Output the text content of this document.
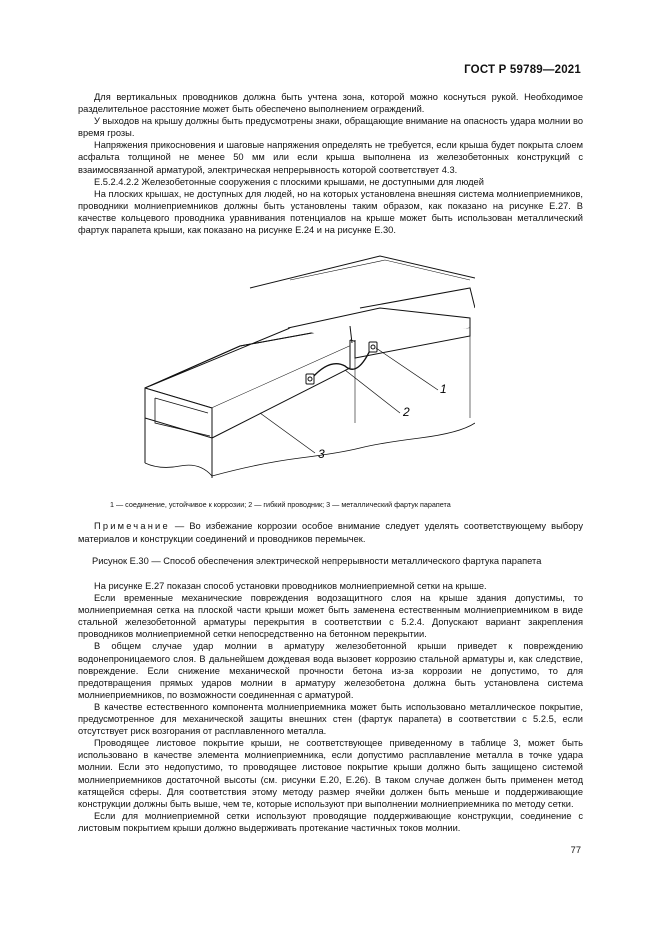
ГОСТ Р 59789—2021

Для вертикальных проводников должна быть учтена зона, которой можно коснуться рукой. Необходимое разделительное расстояние может быть обеспечено выполнением ограждений.

У выходов на крышу должны быть предусмотрены знаки, обращающие внимание на опасность удара молнии во время грозы.

Напряжения прикосновения и шаговые напряжения определять не требуется, если крыша будет покрыта слоем асфальта толщиной не менее 50 мм или если крыша выполнена из железобетонных конструкций с взаимосвязанной арматурой, электрическая непрерывность которой соответствует 4.3.

E.5.2.4.2.2 Железобетонные сооружения с плоскими крышами, не доступными для людей

На плоских крышах, не доступных для людей, но на которых установлена внешняя система молниеприемников, проводники молниеприемников должны быть установлены таким образом, как показано на рисунке Е.27. В качестве кольцевого проводника уравнивания потенциалов на крыше может быть использован металлический фартук парапета крыши, как показано на рисунке Е.24 и на рисунке Е.30.

1
2
3
1 — соединение, устойчивое к коррозии; 2 — гибкий проводник; 3 — металлический фартук парапета
Примечание — Во избежание коррозии особое внимание следует уделять соответствующему выбору материалов и конструкции соединений и проводников перемычек.
Рисунок Е.30 — Способ обеспечения электрической непрерывности металлического фартука парапета

На рисунке Е.27 показан способ установки проводников молниеприемной сетки на крыше.

Если временные механические повреждения водозащитного слоя на крыше здания допустимы, то молниеприемная сетка на плоской части крыши может быть заменена естественным молниеприемником в виде стальной железобетонной арматуры перекрытия в соответствии с 5.2.4. Допускают вариант закрепления проводников молниеприемной сетки непосредственно на бетонном перекрытии.

В общем случае удар молнии в арматуру железобетонной крыши приведет к повреждению водонепроницаемого слоя. В дальнейшем дождевая вода вызовет коррозию стальной арматуры и, как следствие, повреждение. Если снижение механической прочности бетона из-за коррозии не допустимо, то для предотвращения прямых ударов молнии в арматуру железобетона должна быть установлена система молниеприемников, по возможности соединенная с арматурой.

В качестве естественного компонента молниеприемника может быть использовано металлическое покрытие, предусмотренное для механической защиты внешних стен (фартук парапета) в соответствии с 5.2.5, если отсутствует риск возгорания от расплавленного металла.

Проводящее листовое покрытие крыши, не соответствующее приведенному в таблице 3, может быть использовано в качестве элемента молниеприемника, если допустимо расплавление металла в точке удара молнии. Если это недопустимо, то проводящее листовое покрытие крыши должно быть защищено системой молниеприемников достаточной высоты (см. рисунки Е.20, Е.26). В таком случае должен быть применен метод катящейся сферы. Для соответствия этому методу размер ячейки должен быть меньше и поддерживающие конструкции должны быть выше, чем те, которые используют при выполнении молниеприемника по методу сетки.

Если для молниеприемной сетки используют проводящие поддерживающие конструкции, соединение с листовым покрытием крыши должно выдерживать протекание частичных токов молнии.

77
